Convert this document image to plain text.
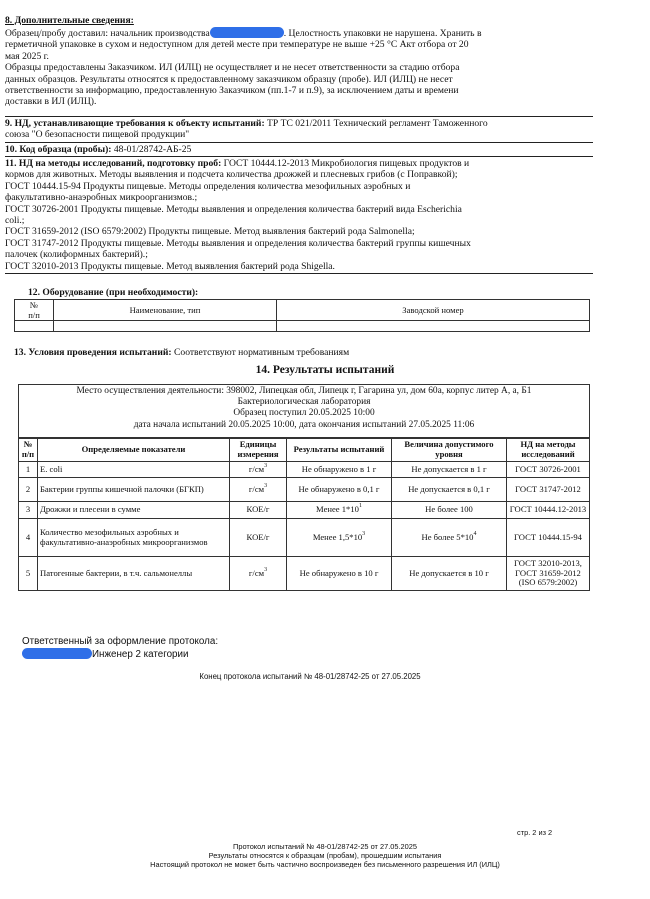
8. Дополнительные сведения:
Образец/пробу доставил: начальник производства	. Целостность упаковки не нарушена. Хранить в
герметичной упаковке в сухом и недоступном для детей месте при температуре не выше +25 °С Акт отбора от 20
мая 2025 г.
Образцы предоставлены Заказчиком. ИЛ (ИЛЦ) не осуществляет и не несет ответственности за стадию отбора
данных образцов. Результаты относятся к предоставленному заказчиком образцу (пробе). ИЛ (ИЛЦ) не несет
ответственности за информацию, предоставленную Заказчиком (пп.1-7 и п.9), за исключением даты и времени
доставки в ИЛ (ИЛЦ).
9. НД, устанавливающие требования к объекту испытаний: ТР ТС 021/2011 Технический регламент Таможенного
союза "О безопасности пищевой продукции"
10. Код образца (пробы): 48-01/28742-АБ-25
11. НД на методы исследований, подготовку проб: ГОСТ 10444.12-2013 Микробиология пищевых продуктов и
кормов для животных. Методы выявления и подсчета количества дрожжей и плесневых грибов (с Поправкой);
ГОСТ 10444.15-94 Продукты пищевые. Методы определения количества мезофильных аэробных и
факультативно-анаэробных микроорганизмов.;
ГОСТ 30726-2001 Продукты пищевые. Методы выявления и определения количества бактерий вида Escherichia
coli.;
ГОСТ 31659-2012 (ISO 6579:2002) Продукты пищевые. Метод выявления бактерий рода Salmonella;
ГОСТ 31747-2012 Продукты пищевые. Методы выявления и определения количества бактерий группы кишечных
палочек (колиформных бактерий).;
ГОСТ 32010-2013 Продукты пищевые. Метод выявления бактерий рода Shigella.
12. Оборудование (при необходимости):
№
п/п	Наименование, тип	Заводской номер

13. Условия проведения испытаний: Соответствуют нормативным требованиям
14. Результаты испытаний
Место осуществления деятельности: 398002, Липецкая обл, Липецк г, Гагарина ул, дом 60а, корпус литер А, а, Б1
Бактериологическая лаборатория
Образец поступил 20.05.2025 10:00
дата начала испытаний 20.05.2025 10:00, дата окончания испытаний 27.05.2025 11:06
№
п/п	Определяемые показатели	Единицы измерения	Результаты испытаний	Величина допустимого уровня	НД на методы исследований
1	E. coli	$г/см^3$	Не обнаружено в 1 г	Не допускается в 1 г	ГОСТ 30726-2001
2	Бактерии группы кишечной палочки (БГКП)	$г/см^3$	Не обнаружено в 0,1 г	Не допускается в 0,1 г	ГОСТ 31747-2012
3	Дрожжи и плесени в сумме	КОЕ/г	Менее $1*10^1$	Не более 100	ГОСТ 10444.12-2013
4	Количество мезофильных аэробных и факультативно-анаэробных микроорганизмов	КОЕ/г	Менее $1,5*10^3$	Не более $5*10^4$	ГОСТ 10444.15-94
5	Патогенные бактерии, в т.ч. сальмонеллы	$г/см^3$	Не обнаружено в 10 г	Не допускается в 10 г	ГОСТ 32010-2013, ГОСТ 31659-2012 (ISO 6579:2002)
Ответственный за оформление протокола:
Инженер 2 категории
Конец протокола испытаний № 48-01/28742-25 от 27.05.2025
стр. 2 из 2
Протокол испытаний № 48-01/28742-25 от 27.05.2025
Результаты относятся к образцам (пробам), прошедшим испытания
Настоящий протокол не может быть частично воспроизведен без письменного разрешения ИЛ (ИЛЦ)
